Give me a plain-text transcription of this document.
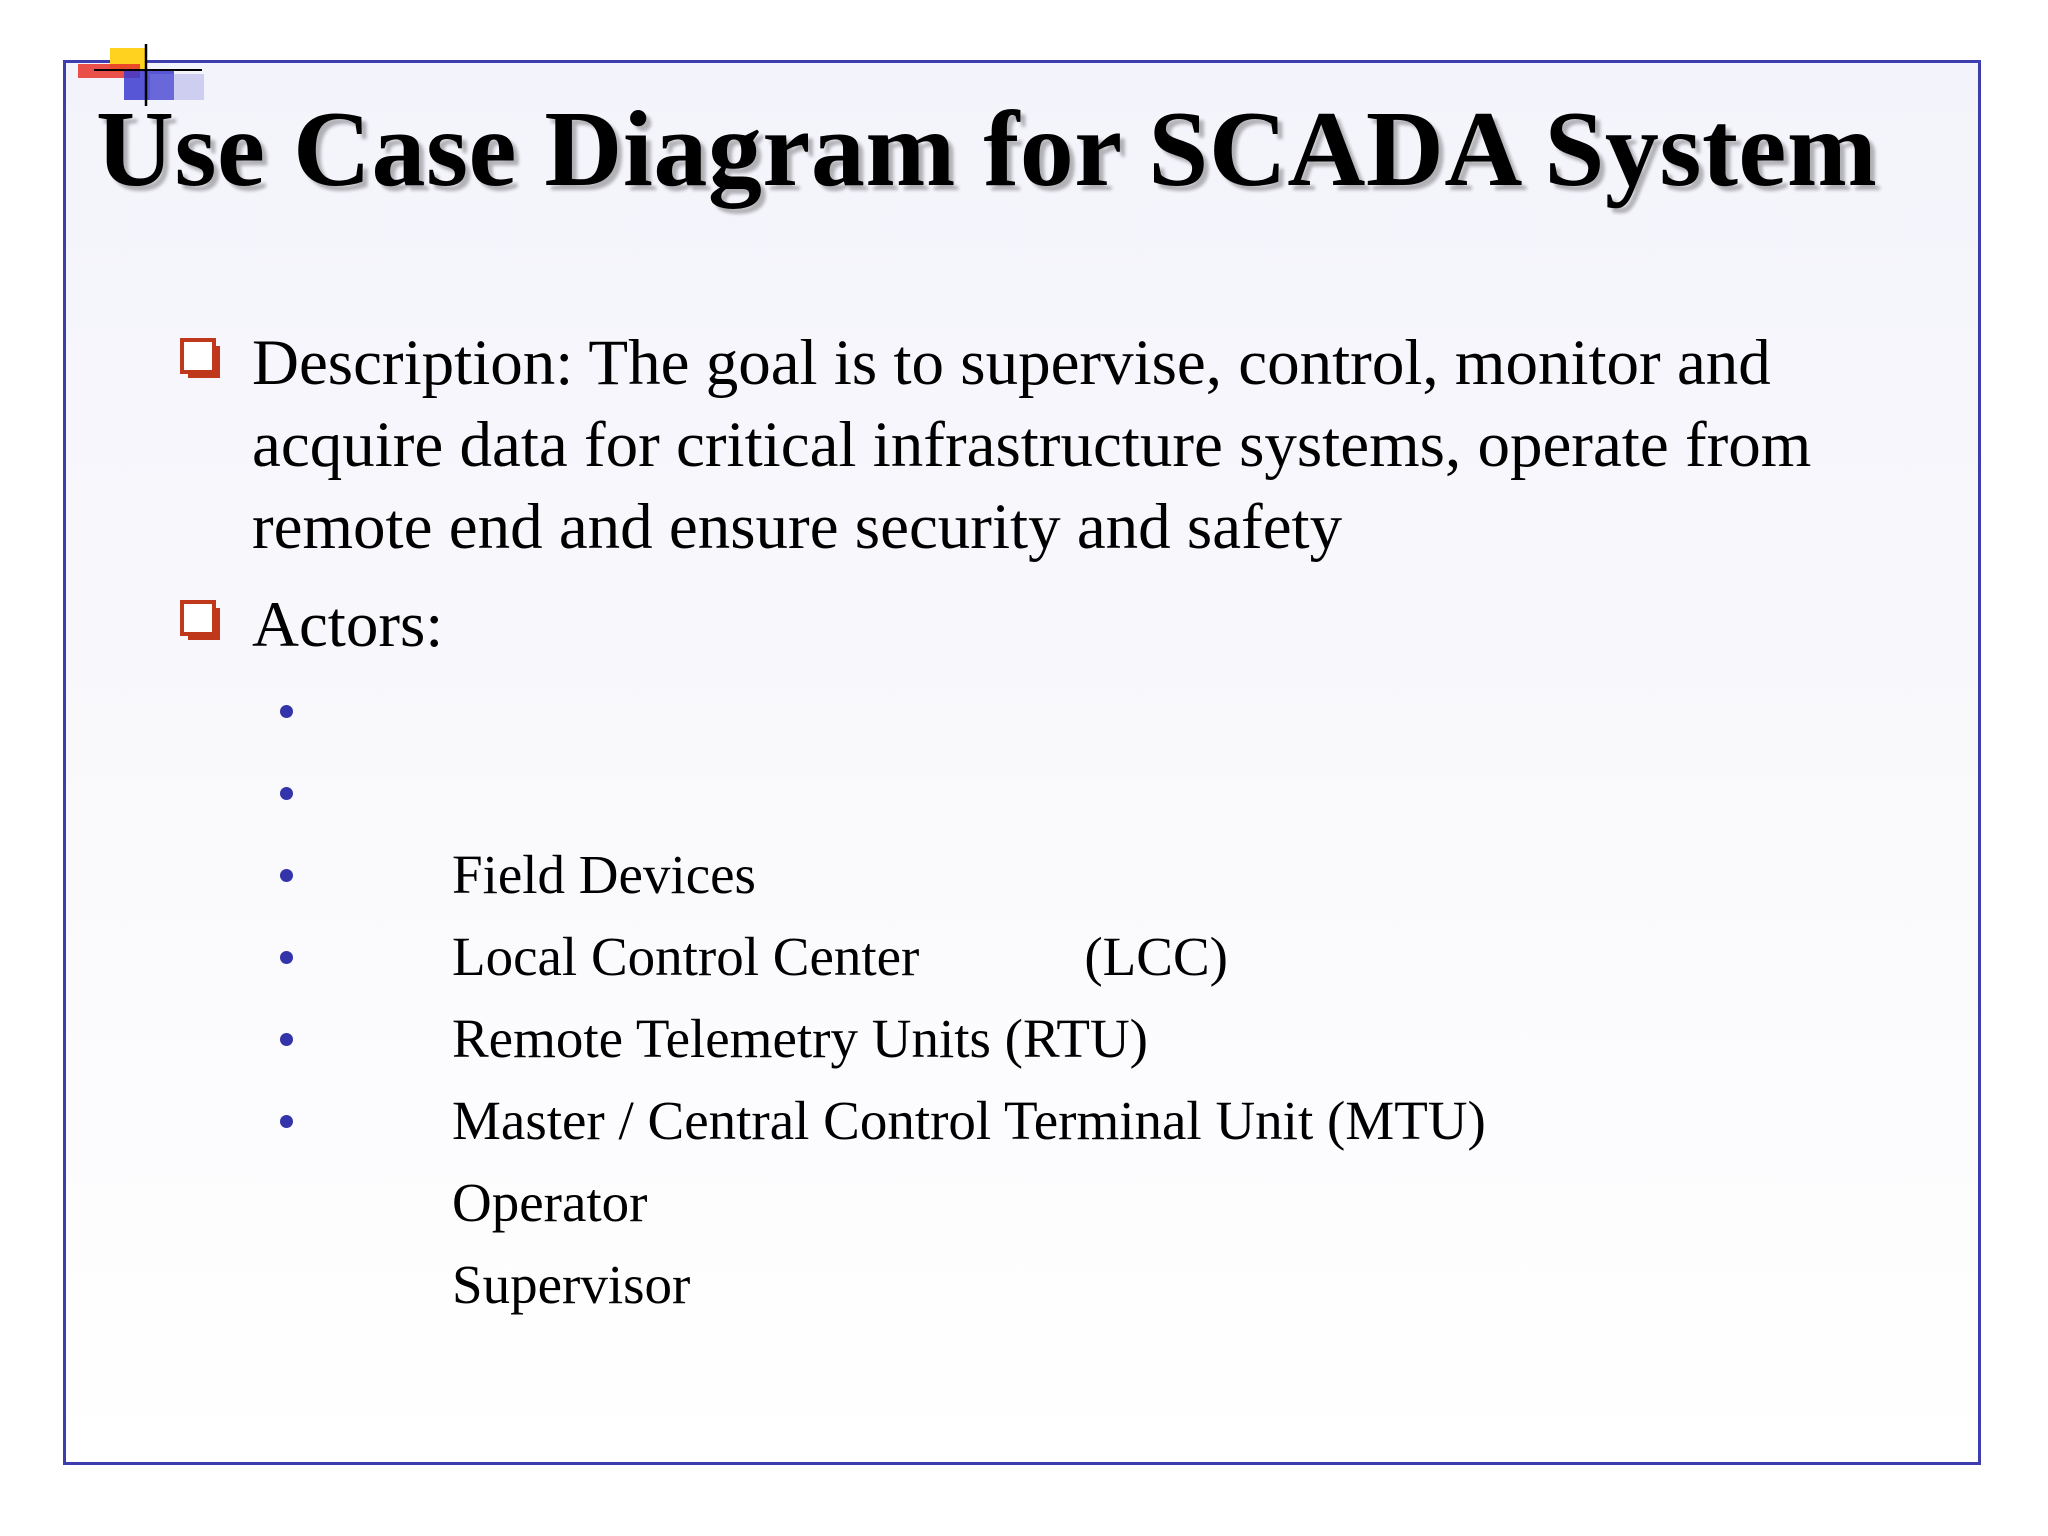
Use Case Diagram for SCADA System

Description: The goal is to supervise, control, monitor and acquire data for critical infrastructure systems, operate from remote end and ensure security and safety

Actors:

Field Devices

Local Control Center            (LCC)

Remote Telemetry Units (RTU)

Master / Central Control Terminal Unit (MTU)

Operator

Supervisor
